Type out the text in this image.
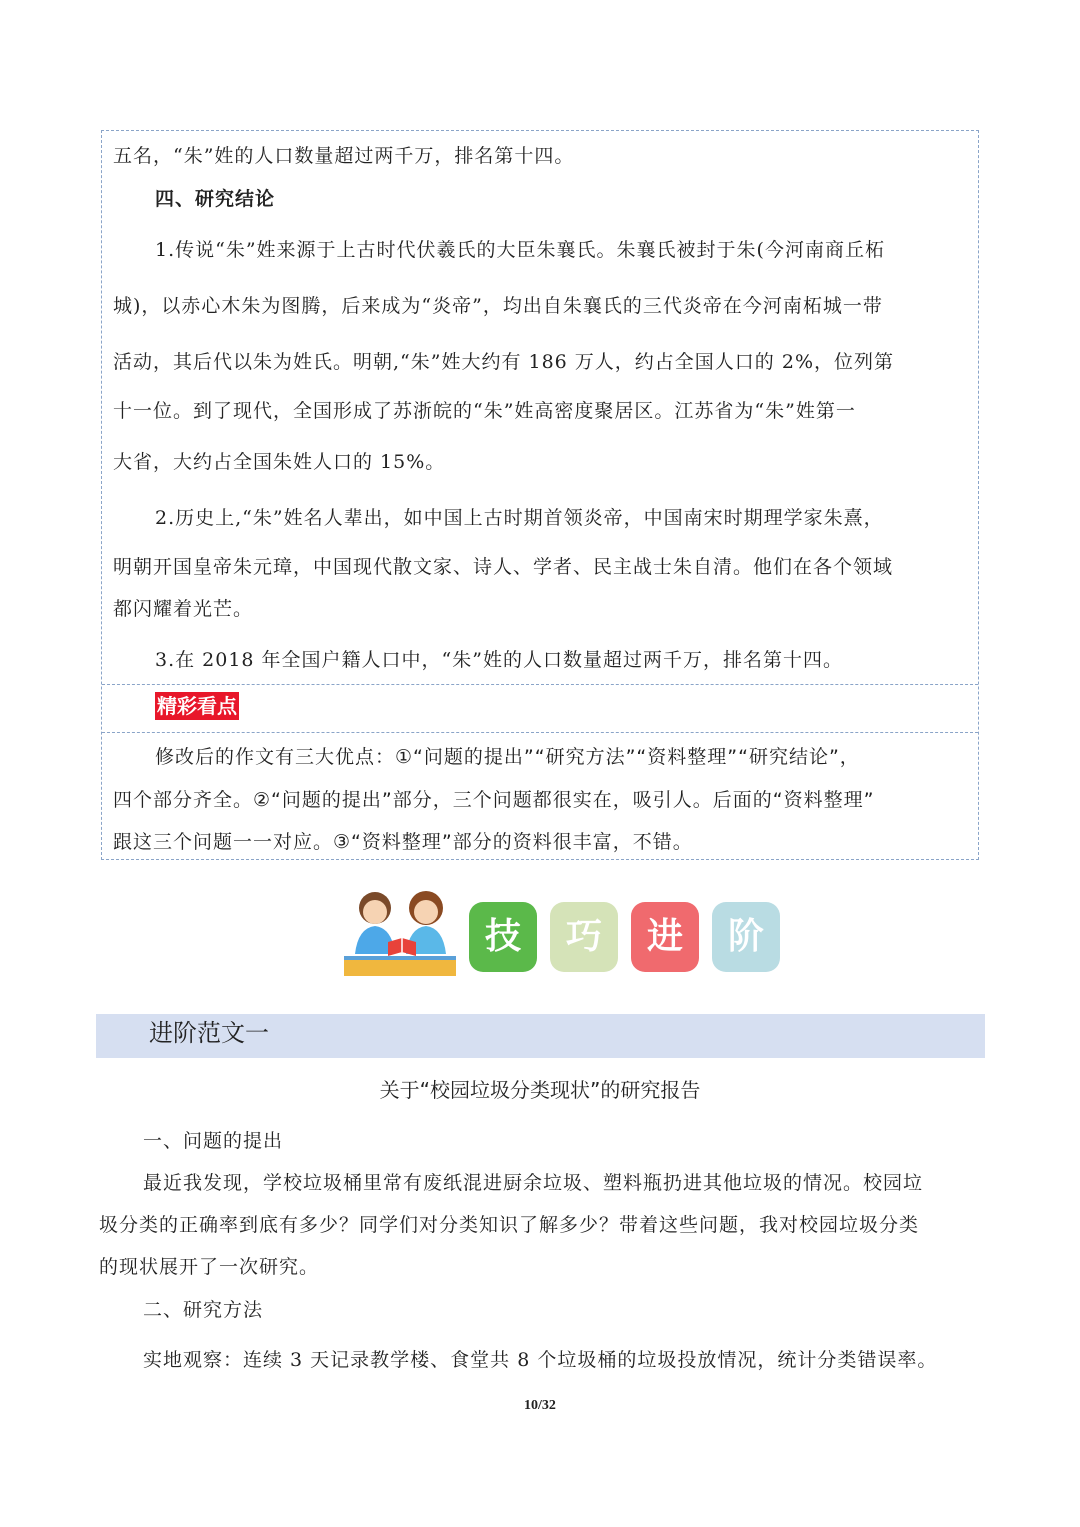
五名，“朱”姓的人口数量超过两千万，排名第十四。
四、研究结论
1.传说“朱”姓来源于上古时代伏羲氏的大臣朱襄氏。朱襄氏被封于朱(今河南商丘柘
城)，以赤心木朱为图腾，后来成为“炎帝”，均出自朱襄氏的三代炎帝在今河南柘城一带
活动，其后代以朱为姓氏。明朝,“朱”姓大约有 186 万人，约占全国人口的 2%，位列第
十一位。到了现代，全国形成了苏浙皖的“朱”姓高密度聚居区。江苏省为“朱”姓第一
大省，大约占全国朱姓人口的 15%。
2.历史上,“朱”姓名人辈出，如中国上古时期首领炎帝，中国南宋时期理学家朱熹，
明朝开国皇帝朱元璋，中国现代散文家、诗人、学者、民主战士朱自清。他们在各个领域
都闪耀着光芒。
3.在 2018 年全国户籍人口中，“朱”姓的人口数量超过两千万，排名第十四。
精彩看点
修改后的作文有三大优点：①“问题的提出”“研究方法”“资料整理”“研究结论”，
四个部分齐全。②“问题的提出”部分，三个问题都很实在，吸引人。后面的“资料整理”
跟这三个问题一一对应。③“资料整理”部分的资料很丰富，不错。
技	巧	进	阶
进阶范文一
关于“校园垃圾分类现状”的研究报告
一、问题的提出
最近我发现，学校垃圾桶里常有废纸混进厨余垃圾、塑料瓶扔进其他垃圾的情况。校园垃
圾分类的正确率到底有多少？同学们对分类知识了解多少？带着这些问题，我对校园垃圾分类
的现状展开了一次研究。
二、研究方法
实地观察：连续 3 天记录教学楼、食堂共 8 个垃圾桶的垃圾投放情况，统计分类错误率。
10/32
